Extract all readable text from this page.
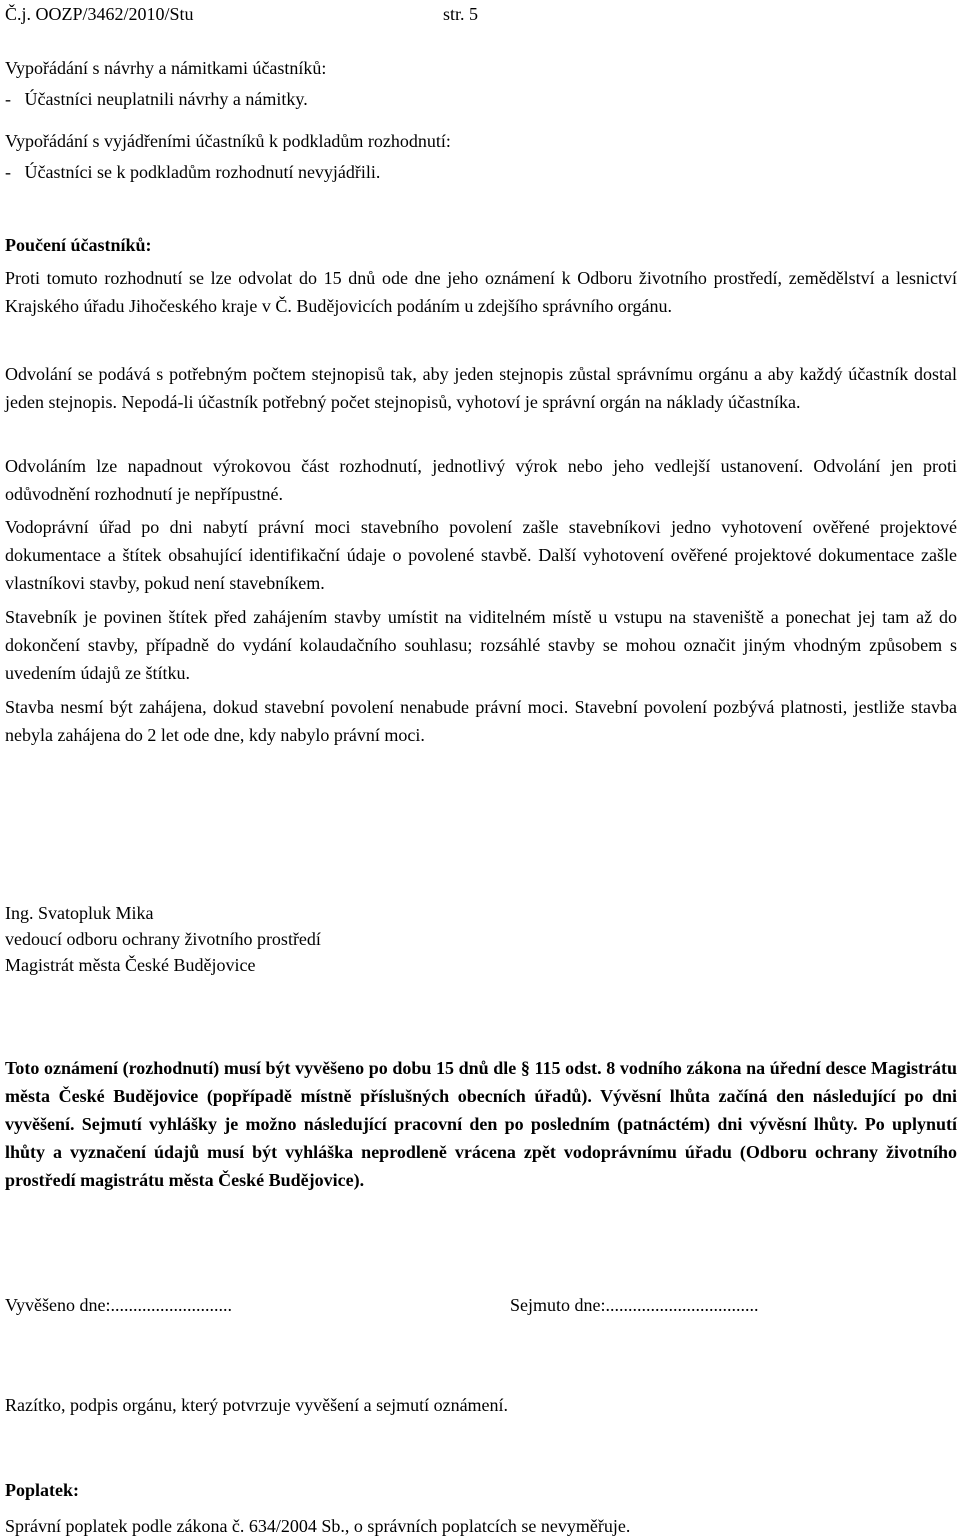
Č.j. OOZP/3462/2010/Stu	str. 5
Vypořádání s návrhy a námitkami účastníků:
-   Účastníci neuplatnili návrhy a námitky.
Vypořádání s vyjádřeními účastníků k podkladům rozhodnutí:
-   Účastníci se k podkladům rozhodnutí nevyjádřili.
Poučení účastníků:

Proti tomuto rozhodnutí se lze odvolat do 15 dnů ode dne jeho oznámení k Odboru životního prostředí, zemědělství a lesnictví Krajského úřadu Jihočeského kraje v Č. Budějovicích podáním u zdejšího správního orgánu.

Odvolání se podává s potřebným počtem stejnopisů tak, aby jeden stejnopis zůstal správnímu orgánu a aby každý účastník dostal jeden stejnopis. Nepodá-li účastník potřebný počet stejnopisů, vyhotoví je správní orgán na náklady účastníka.

Odvoláním lze napadnout výrokovou část rozhodnutí, jednotlivý výrok nebo jeho vedlejší ustanovení. Odvolání jen proti odůvodnění rozhodnutí je nepřípustné.

Vodoprávní úřad po dni nabytí právní moci stavebního povolení zašle stavebníkovi jedno vyhotovení ověřené projektové dokumentace a štítek obsahující identifikační údaje o povolené stavbě. Další vyhotovení ověřené projektové dokumentace zašle vlastníkovi stavby, pokud není stavebníkem.

Stavebník je povinen štítek před zahájením stavby umístit na viditelném místě u vstupu na staveniště a ponechat jej tam až do dokončení stavby, případně do vydání kolaudačního souhlasu; rozsáhlé stavby se mohou označit jiným vhodným způsobem s uvedením údajů ze štítku.

Stavba nesmí být zahájena, dokud stavební povolení nenabude právní moci. Stavební povolení pozbývá platnosti, jestliže stavba nebyla zahájena do 2 let ode dne, kdy nabylo právní moci.

Ing. Svatopluk Mika
vedoucí odboru ochrany životního prostředí
Magistrát města České Budějovice

Toto oznámení (rozhodnutí) musí být vyvěšeno po dobu 15 dnů dle § 115 odst. 8 vodního zákona na úřední desce Magistrátu města České Budějovice (popřípadě místně příslušných obecních úřadů). Vývěsní lhůta začíná den následující po dni vyvěšení. Sejmutí vyhlášky je možno následující pracovní den po posledním (patnáctém) dni vývěsní lhůty. Po uplynutí lhůty a vyznačení údajů musí být vyhláška neprodleně vrácena zpět vodoprávnímu úřadu (Odboru ochrany životního prostředí magistrátu města České Budějovice).

Vyvěšeno dne:...........................	Sejmuto dne:..................................
Razítko, podpis orgánu, který potvrzuje vyvěšení a sejmutí oznámení.
Poplatek:
Správní poplatek podle zákona č. 634/2004 Sb., o správních poplatcích se nevyměřuje.
